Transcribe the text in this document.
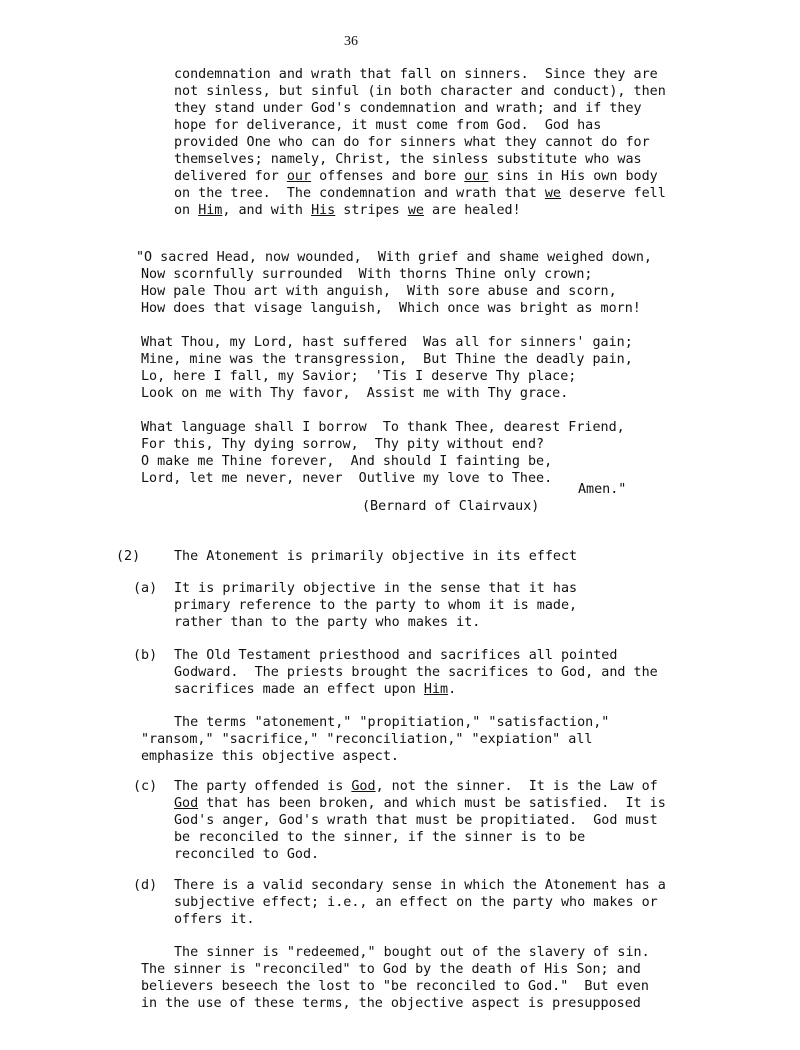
36
condemnation and wrath that fall on sinners.  Since they are
not sinless, but sinful (in both character and conduct), then
they stand under God's condemnation and wrath; and if they
hope for deliverance, it must come from God.  God has
provided One who can do for sinners what they cannot do for
themselves; namely, Christ, the sinless substitute who was
delivered for our offenses and bore our sins in His own body
on the tree.  The condemnation and wrath that we deserve fell
on Him, and with His stripes we are healed!
"O sacred Head, now wounded,  With grief and shame weighed down,
Now scornfully surrounded  With thorns Thine only crown;
How pale Thou art with anguish,  With sore abuse and scorn,
How does that visage languish,  Which once was bright as morn!
What Thou, my Lord, hast suffered  Was all for sinners' gain;
Mine, mine was the transgression,  But Thine the deadly pain,
Lo, here I fall, my Savior;  'Tis I deserve Thy place;
Look on me with Thy favor,  Assist me with Thy grace.
What language shall I borrow  To thank Thee, dearest Friend,
For this, Thy dying sorrow,  Thy pity without end?
O make me Thine forever,  And should I fainting be,
Lord, let me never, never  Outlive my love to Thee.
Amen."
(Bernard of Clairvaux)
(2)	The Atonement is primarily objective in its effect
(a) It is primarily objective in the sense that it has
primary reference to the party to whom it is made,
rather than to the party who makes it.
(b) The Old Testament priesthood and sacrifices all pointed
Godward.  The priests brought the sacrifices to God, and the
sacrifices made an effect upon Him.
The terms "atonement," "propitiation," "satisfaction,"
"ransom," "sacrifice," "reconciliation," "expiation" all
emphasize this objective aspect.
(c) The party offended is God, not the sinner.  It is the Law of
God that has been broken, and which must be satisfied.  It is
God's anger, God's wrath that must be propitiated.  God must
be reconciled to the sinner, if the sinner is to be
reconciled to God.
(d) There is a valid secondary sense in which the Atonement has a
subjective effect; i.e., an effect on the party who makes or
offers it.
The sinner is "redeemed," bought out of the slavery of sin.
The sinner is "reconciled" to God by the death of His Son; and
believers beseech the lost to "be reconciled to God."  But even
in the use of these terms, the objective aspect is presupposed
